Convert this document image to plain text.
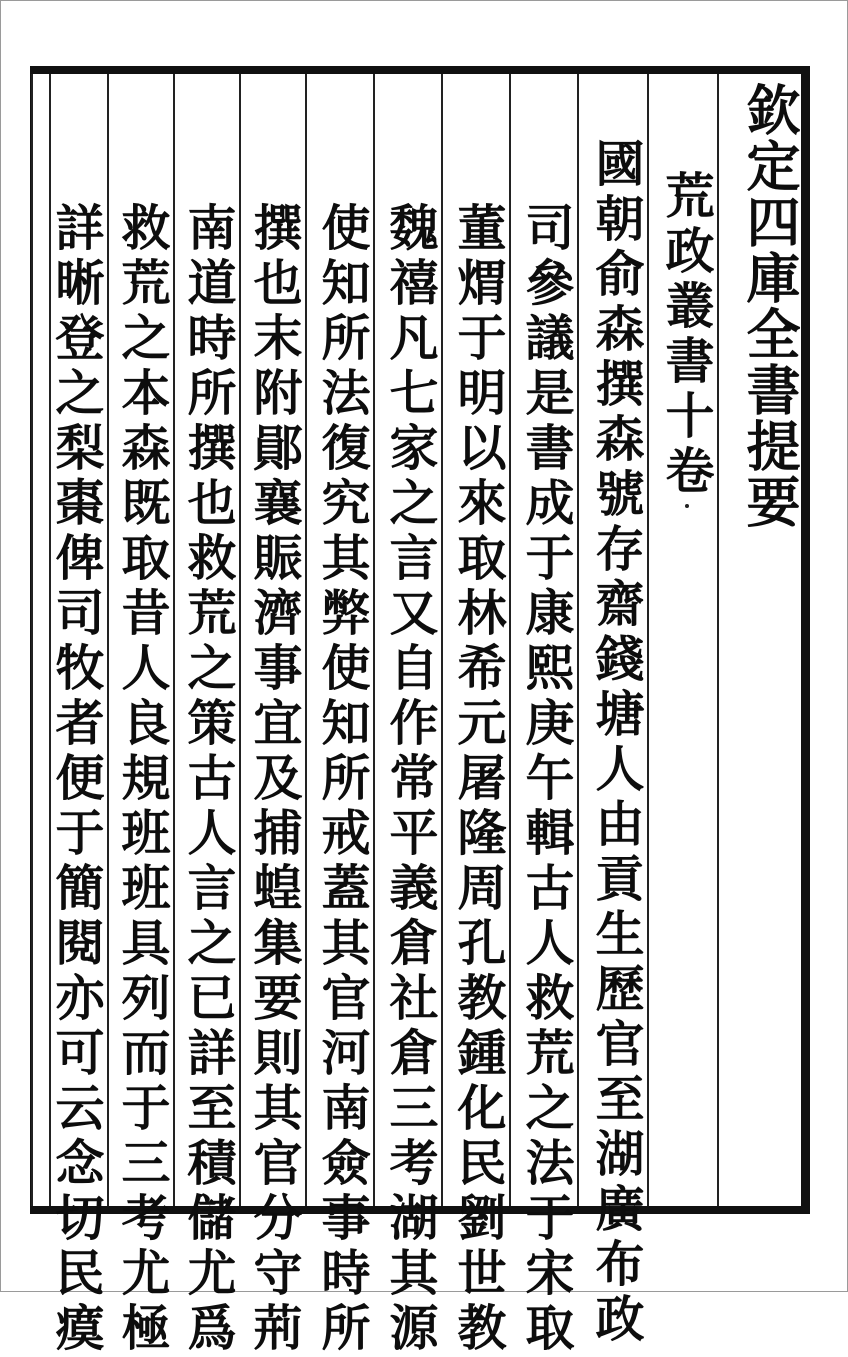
欽定四庫全書提要
荒政叢書十卷
國朝俞森撰森號存齋錢塘人由貢生歷官至湖廣布政
司參議是書成于康熙庚午輯古人救荒之法于宋取
董煟于明以來取林希元屠隆周孔教鍾化民劉世教
魏禧凡七家之言又自作常平義倉社倉三考湖其源
使知所法復究其弊使知所戒蓋其官河南僉事時所
撰也末附鄖襄賑濟事宜及捕蝗集要則其官分守荊
南道時所撰也救荒之策古人言之已詳至積儲尤爲
救荒之本森既取昔人良規班班具列而于三考尤極
詳晰登之梨棗俾司牧者便于簡閱亦可云念切民瘼
